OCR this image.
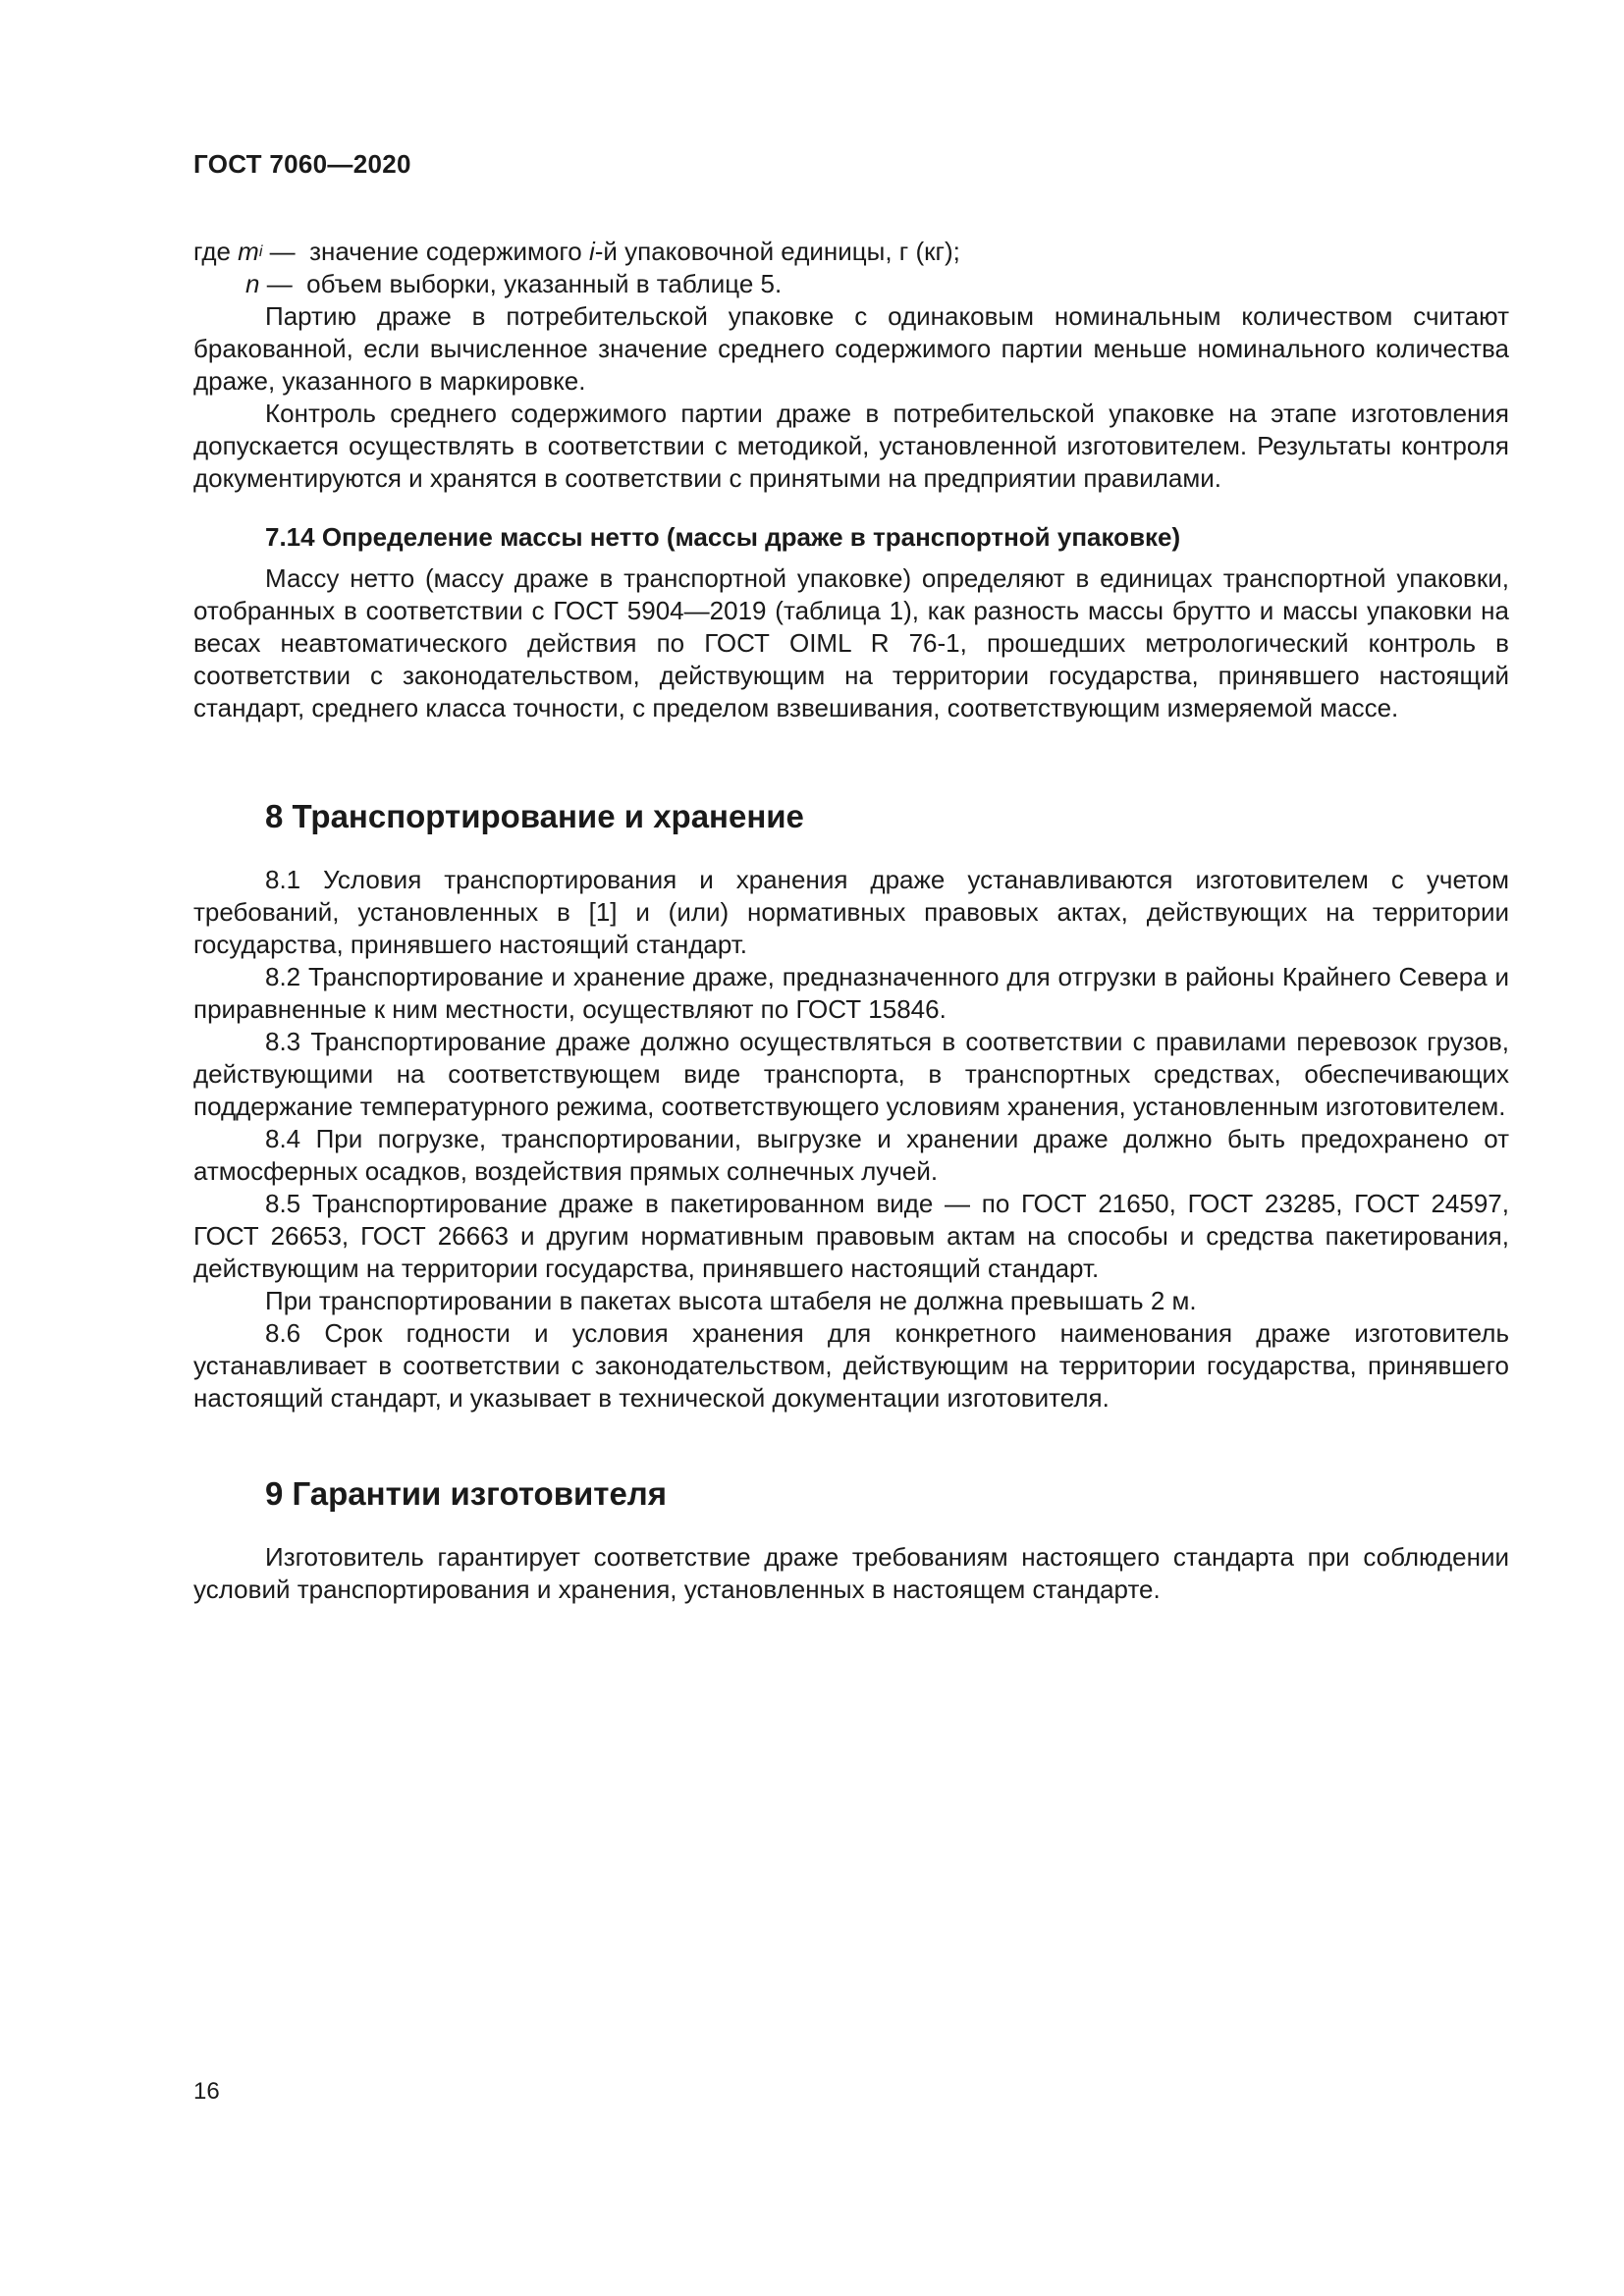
ГОСТ 7060—2020
где m i — значение содержимого i -й упаковочной единицы, г (кг);
n — объем выборки, указанный в таблице 5.

Партию драже в потребительской упаковке с одинаковым номинальным количеством считают бракованной, если вычисленное значение среднего содержимого партии меньше номинального количества драже, указанного в маркировке.

Контроль среднего содержимого партии драже в потребительской упаковке на этапе изготовления допускается осуществлять в соответствии с методикой, установленной изготовителем. Результаты контроля документируются и хранятся в соответствии с принятыми на предприятии правилами.

7.14 Определение массы нетто (массы драже в транспортной упаковке)

Массу нетто (массу драже в транспортной упаковке) определяют в единицах транспортной упаковки, отобранных в соответствии с ГОСТ 5904—2019 (таблица 1), как разность массы брутто и массы упаковки на весах неавтоматического действия по ГОСТ OIML R 76-1, прошедших метрологический контроль в соответствии с законодательством, действующим на территории государства, принявшего настоящий стандарт, среднего класса точности, с пределом взвешивания, соответствующим измеряемой массе.

8 Транспортирование и хранение

8.1 Условия транспортирования и хранения драже устанавливаются изготовителем с учетом требований, установленных в [1] и (или) нормативных правовых актах, действующих на территории государства, принявшего настоящий стандарт.

8.2 Транспортирование и хранение драже, предназначенного для отгрузки в районы Крайнего Севера и приравненные к ним местности, осуществляют по ГОСТ 15846.

8.3 Транспортирование драже должно осуществляться в соответствии с правилами перевозок грузов, действующими на соответствующем виде транспорта, в транспортных средствах, обеспечивающих поддержание температурного режима, соответствующего условиям хранения, установленным изготовителем.

8.4 При погрузке, транспортировании, выгрузке и хранении драже должно быть предохранено от атмосферных осадков, воздействия прямых солнечных лучей.

8.5 Транспортирование драже в пакетированном виде — по ГОСТ 21650, ГОСТ 23285, ГОСТ 24597, ГОСТ 26653, ГОСТ 26663 и другим нормативным правовым актам на способы и средства пакетирования, действующим на территории государства, принявшего настоящий стандарт.

При транспортировании в пакетах высота штабеля не должна превышать 2 м.

8.6 Срок годности и условия хранения для конкретного наименования драже изготовитель устанавливает в соответствии с законодательством, действующим на территории государства, принявшего настоящий стандарт, и указывает в технической документации изготовителя.

9 Гарантии изготовителя

Изготовитель гарантирует соответствие драже требованиям настоящего стандарта при соблюдении условий транспортирования и хранения, установленных в настоящем стандарте.

16
